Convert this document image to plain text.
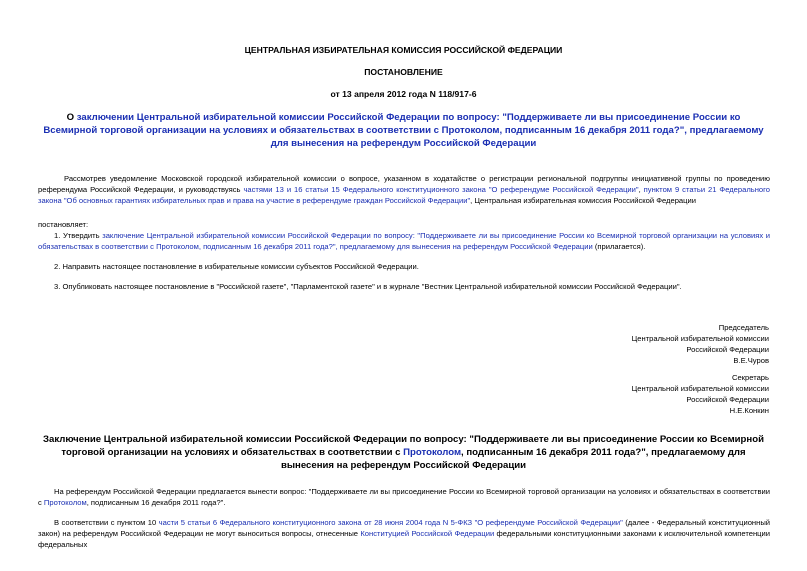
ЦЕНТРАЛЬНАЯ ИЗБИРАТЕЛЬНАЯ КОМИССИЯ РОССИЙСКОЙ ФЕДЕРАЦИИ
ПОСТАНОВЛЕНИЕ
от 13 апреля 2012 года N 118/917-6
О заключении Центральной избирательной комиссии Российской Федерации по вопросу: "Поддерживаете ли вы присоединение России ко Всемирной торговой организации на условиях и обязательствах в соответствии с Протоколом, подписанным 16 декабря 2011 года?", предлагаемому для вынесения на референдум Российской Федерации
Рассмотрев уведомление Московской городской избирательной комиссии о вопросе, указанном в ходатайстве о регистрации региональной подгруппы инициативной группы по проведению референдума Российской Федерации, и руководствуясь частями 13 и 16 статьи 15 Федерального конституционного закона "О референдуме Российской Федерации", пунктом 9 статьи 21 Федерального закона "Об основных гарантиях избирательных прав и права на участие в референдуме граждан Российской Федерации", Центральная избирательная комиссия Российской Федерации
постановляет:
1. Утвердить заключение Центральной избирательной комиссии Российской Федерации по вопросу: "Поддерживаете ли вы присоединение России ко Всемирной торговой организации на условиях и обязательствах в соответствии с Протоколом, подписанным 16 декабря 2011 года?", предлагаемому для вынесения на референдум Российской Федерации (прилагается).
2. Направить настоящее постановление в избирательные комиссии субъектов Российской Федерации.
3. Опубликовать настоящее постановление в "Российской газете", "Парламентской газете" и в журнале "Вестник Центральной избирательной комиссии Российской Федерации".
Председатель
Центральной избирательной комиссии
Российской Федерации
В.Е.Чуров
Секретарь
Центральной избирательной комиссии
Российской Федерации
Н.Е.Конкин
Заключение Центральной избирательной комиссии Российской Федерации по вопросу: "Поддерживаете ли вы присоединение России ко Всемирной торговой организации на условиях и обязательствах в соответствии с Протоколом, подписанным 16 декабря 2011 года?", предлагаемому для вынесения на референдум Российской Федерации
На референдум Российской Федерации предлагается вынести вопрос: "Поддерживаете ли вы присоединение России ко Всемирной торговой организации на условиях и обязательствах в соответствии с Протоколом, подписанным 16 декабря 2011 года?".
В соответствии с пунктом 10 части 5 статьи 6 Федерального конституционного закона от 28 июня 2004 года N 5-ФКЗ "О референдуме Российской Федерации" (далее - Федеральный конституционный закон) на референдум Российской Федерации не могут выноситься вопросы, отнесенные Конституцией Российской Федерации федеральными конституционными законами к исключительной компетенции федеральных
